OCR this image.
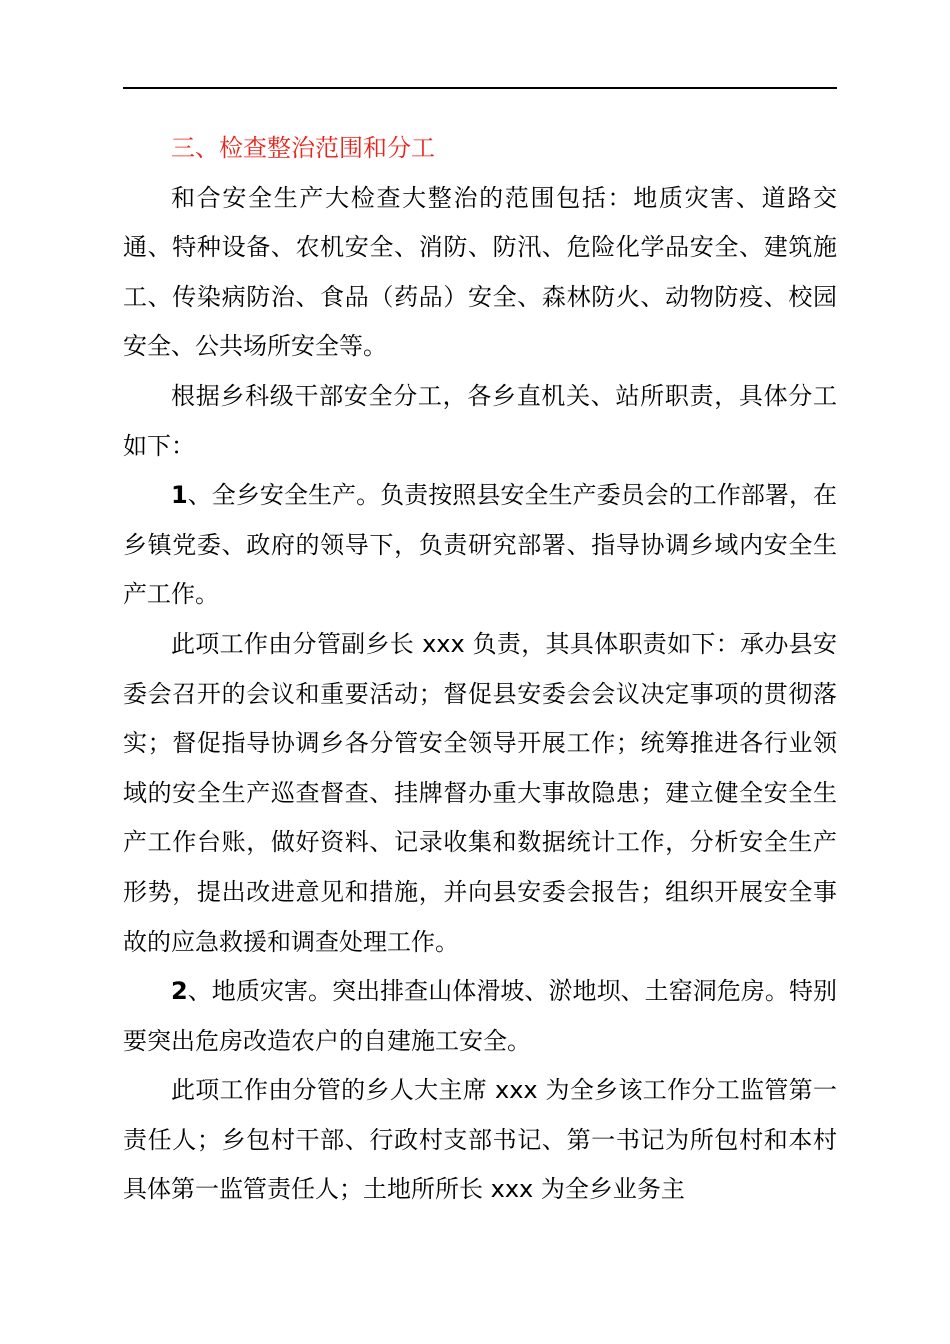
三、检查整治范围和分工

和合安全生产大检查大整治的范围包括：地质灾害、道路交通、特种设备、农机安全、消防、防汛、危险化学品安全、建筑施工、传染病防治、食品（药品）安全、森林防火、动物防疫、校园安全、公共场所安全等。

根据乡科级干部安全分工，各乡直机关、站所职责，具体分工如下：

1、全乡安全生产。负责按照县安全生产委员会的工作部署，在乡镇党委、政府的领导下，负责研究部署、指导协调乡域内安全生产工作。

此项工作由分管副乡长 xxx 负责，其具体职责如下：承办县安委会召开的会议和重要活动；督促县安委会会议决定事项的贯彻落实；督促指导协调乡各分管安全领导开展工作；统筹推进各行业领域的安全生产巡查督查、挂牌督办重大事故隐患；建立健全安全生产工作台账，做好资料、记录收集和数据统计工作，分析安全生产形势，提出改进意见和措施，并向县安委会报告；组织开展安全事故的应急救援和调查处理工作。

2、地质灾害。突出排查山体滑坡、淤地坝、土窑洞危房。特别要突出危房改造农户的自建施工安全。

此项工作由分管的乡人大主席 xxx 为全乡该工作分工监管第一责任人；乡包村干部、行政村支部书记、第一书记为所包村和本村具体第一监管责任人；土地所所长 xxx 为全乡业务主
